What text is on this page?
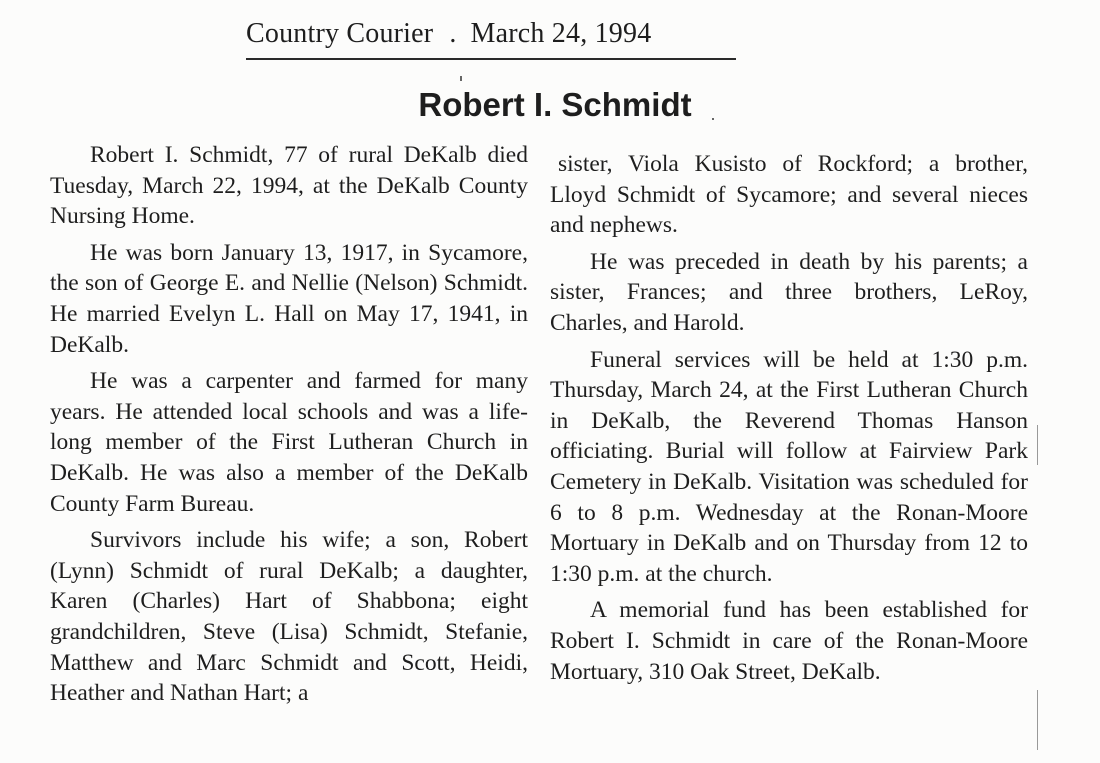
Country Courier . March 24, 1994
Robert I. Schmidt

Robert I. Schmidt, 77 of rural DeKalb died Tuesday, March 22, 1994, at the DeKalb County Nursing Home.

He was born January 13, 1917, in Sycamore, the son of George E. and Nellie (Nelson) Schmidt. He married Evelyn L. Hall on May 17, 1941, in DeKalb.

He was a carpenter and farmed for many years. He attended local schools and was a life-long member of the First Lutheran Church in DeKalb. He was also a member of the DeKalb County Farm Bureau.

Survivors include his wife; a son, Robert (Lynn) Schmidt of rural DeKalb; a daughter, Karen (Charles) Hart of Shabbona; eight grandchildren, Steve (Lisa) Schmidt, Stefanie, Matthew and Marc Schmidt and Scott, Heidi, Heather and Nathan Hart; a

sister, Viola Kusisto of Rockford; a brother, Lloyd Schmidt of Sycamore; and several nieces and nephews.

He was preceded in death by his parents; a sister, Frances; and three brothers, LeRoy, Charles, and Harold.

Funeral services will be held at 1:30 p.m. Thursday, March 24, at the First Lutheran Church in DeKalb, the Reverend Thomas Hanson officiating. Burial will follow at Fairview Park Cemetery in DeKalb. Visitation was scheduled for 6 to 8 p.m. Wednesday at the Ronan-Moore Mortuary in DeKalb and on Thursday from 12 to 1:30 p.m. at the church.

A memorial fund has been established for Robert I. Schmidt in care of the Ronan-Moore Mortuary, 310 Oak Street, DeKalb.
